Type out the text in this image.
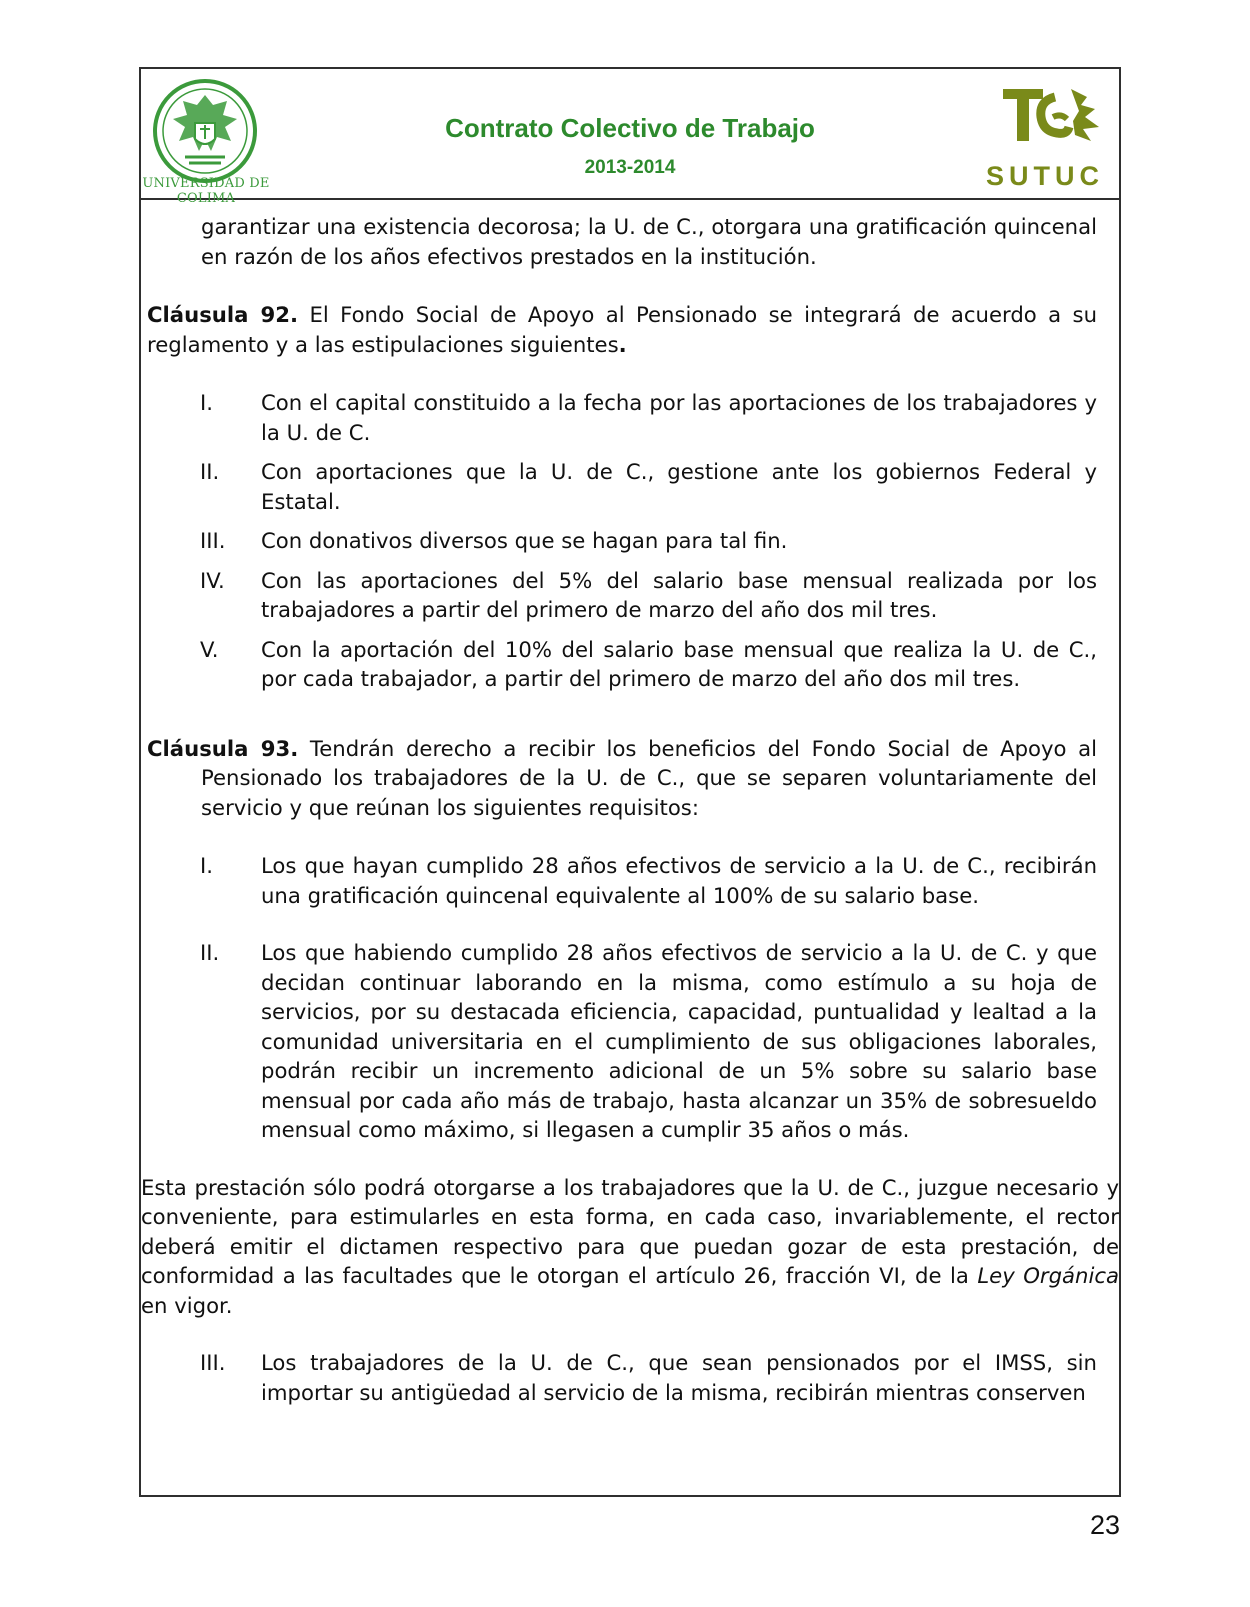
UNIVERSIDAD DE COLIMA
Contrato Colectivo de Trabajo
2013-2014	SUTUC

garantizar una existencia decorosa; la U. de C., otorgara una gratificación quincenal en razón de los años efectivos prestados en la institución.

Cláusula 92. El Fondo Social de Apoyo al Pensionado se integrará de acuerdo a su reglamento y a las estipulaciones siguientes.

I. Con el capital constituido a la fecha por las aportaciones de los trabajadores y la U. de C.
II. Con aportaciones que la U. de C., gestione ante los gobiernos Federal y Estatal.
III. Con donativos diversos que se hagan para tal fin.
IV. Con las aportaciones del 5% del salario base mensual realizada por los trabajadores a partir del primero de marzo del año dos mil tres.
V. Con la aportación del 10% del salario base mensual que realiza la U. de C., por cada trabajador, a partir del primero de marzo del año dos mil tres.

Cláusula 93. Tendrán derecho a recibir los beneficios del Fondo Social de Apoyo al Pensionado los trabajadores de la U. de C., que se separen voluntariamente del servicio y que reúnan los siguientes requisitos:

I. Los que hayan cumplido 28 años efectivos de servicio a la U. de C., recibirán una gratificación quincenal equivalente al 100% de su salario base.
II. Los que habiendo cumplido 28 años efectivos de servicio a la U. de C. y que decidan continuar laborando en la misma, como estímulo a su hoja de servicios, por su destacada eficiencia, capacidad, puntualidad y lealtad a la comunidad universitaria en el cumplimiento de sus obligaciones laborales, podrán recibir un incremento adicional de un 5% sobre su salario base mensual por cada año más de trabajo, hasta alcanzar un 35% de sobresueldo mensual como máximo, si llegasen a cumplir 35 años o más.

Esta prestación sólo podrá otorgarse a los trabajadores que la U. de C., juzgue necesario y conveniente, para estimularles en esta forma, en cada caso, invariablemente, el rector deberá emitir el dictamen respectivo para que puedan gozar de esta prestación, de conformidad a las facultades que le otorgan el artículo 26, fracción VI, de la Ley Orgánica en vigor.

III. Los trabajadores de la U. de C., que sean pensionados por el IMSS, sin importar su antigüedad al servicio de la misma, recibirán mientras conserven
23
